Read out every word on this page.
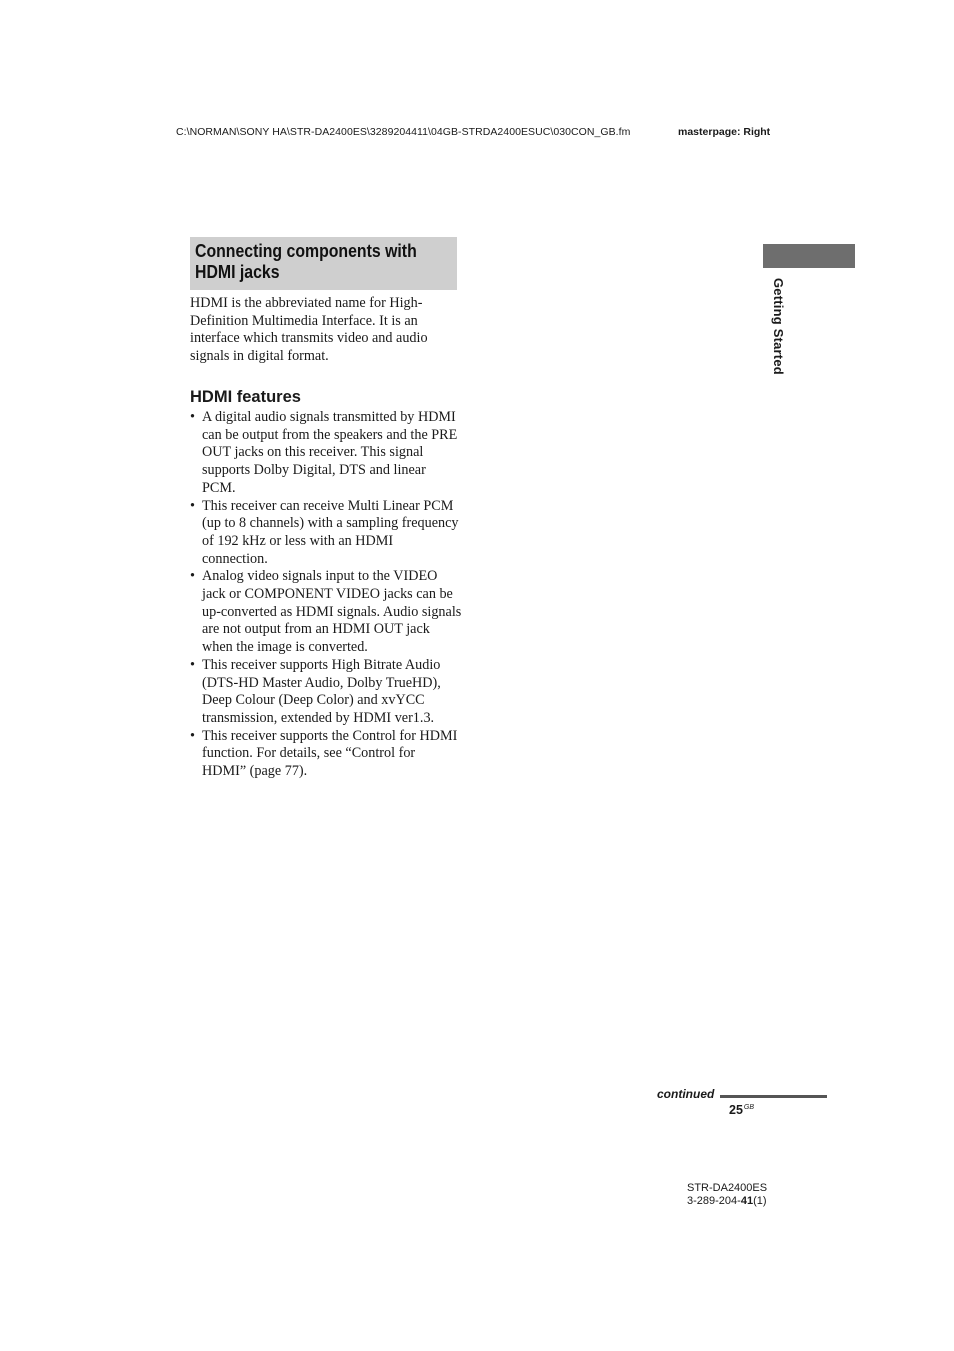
C:\NORMAN\SONY HA\STR-DA2400ES\3289204411\04GB-STRDA2400ESUC\030CON_GB.fm	masterpage: Right
Connecting components with HDMI jacks

HDMI is the abbreviated name for High-Definition Multimedia Interface. It is an interface which transmits video and audio signals in digital format.

HDMI features
• A digital audio signals transmitted by HDMI can be output from the speakers and the PRE OUT jacks on this receiver. This signal supports Dolby Digital, DTS and linear PCM.
• This receiver can receive Multi Linear PCM (up to 8 channels) with a sampling frequency of 192 kHz or less with an HDMI connection.
• Analog video signals input to the VIDEO jack or COMPONENT VIDEO jacks can be up-converted as HDMI signals. Audio signals are not output from an HDMI OUT jack when the image is converted.
• This receiver supports High Bitrate Audio (DTS-HD Master Audio, Dolby TrueHD), Deep Colour (Deep Color) and xvYCC transmission, extended by HDMI ver1.3.
• This receiver supports the Control for HDMI function. For details, see “Control for HDMI” (page 77).
Getting Started
continued
$25^{GB}$
STR-DA2400ES
3-289-204-41(1)
